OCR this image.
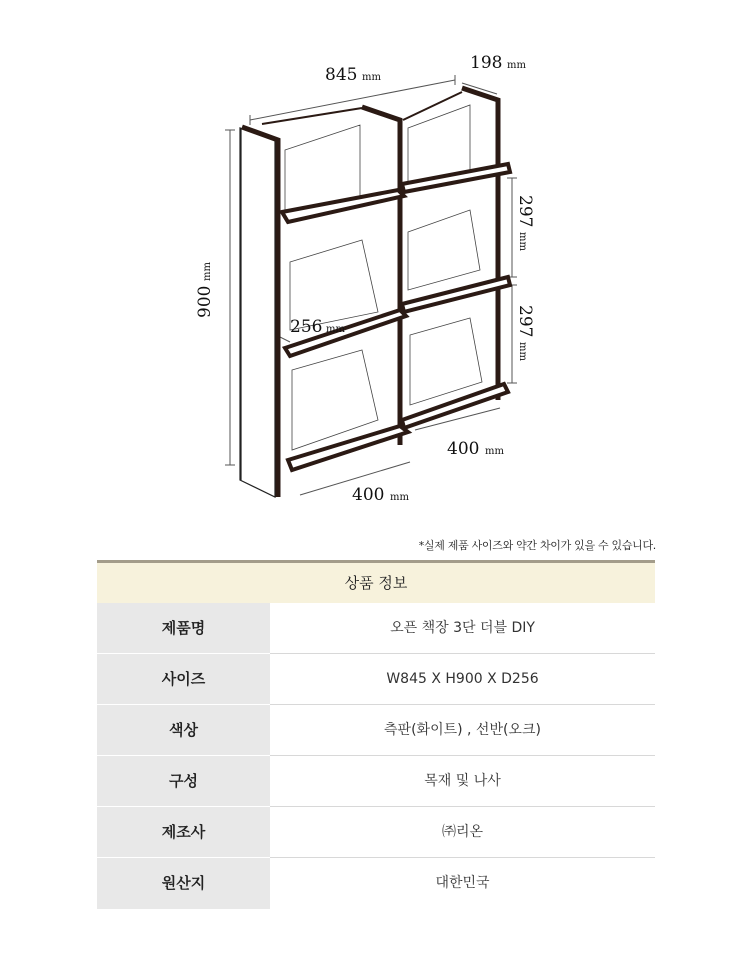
845 mm
198 mm
900
mm
297
mm
297
mm
256 mm
400 mm
400 mm
*실제 제품 사이즈와 약간 차이가 있을 수 있습니다.
상품 정보
제품명	오픈 책장 3단 더블 DIY
사이즈	W845 X H900 X D256
색상	측판(화이트) , 선반(오크)
구성	목재 및 나사
제조사	㈜리온
원산지	대한민국
